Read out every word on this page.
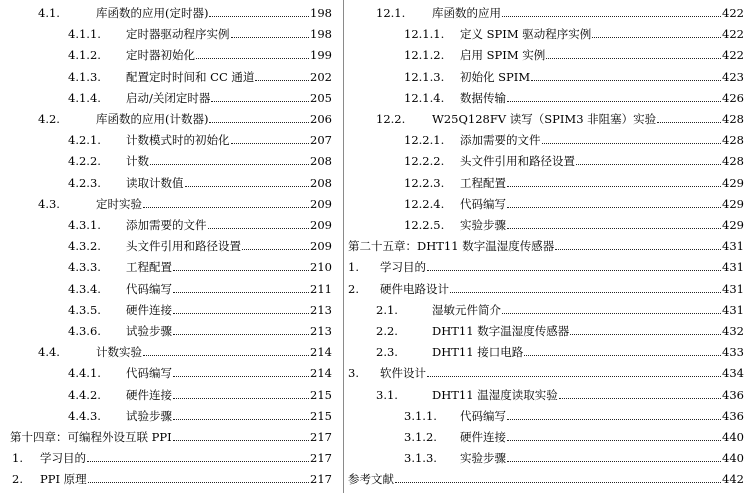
4.1.	库函数的应用(定时器)	198
4.1.1.	定时器驱动程序实例	198
4.1.2.	定时器初始化	199
4.1.3.	配置定时时间和 CC 通道	202
4.1.4.	启动/关闭定时器	205
4.2.	库函数的应用(计数器)	206
4.2.1.	计数模式时的初始化	207
4.2.2.	计数	208
4.2.3.	读取计数值	208
4.3.	定时实验	209
4.3.1.	添加需要的文件	209
4.3.2.	头文件引用和路径设置	209
4.3.3.	工程配置	210
4.3.4.	代码编写	211
4.3.5.	硬件连接	213
4.3.6.	试验步骤	213
4.4.	计数实验	214
4.4.1.	代码编写	214
4.4.2.	硬件连接	215
4.4.3.	试验步骤	215
第十四章：可编程外设互联 PPI	217
1.	学习目的	217
2.	PPI 原理	217
12.1.	库函数的应用	422
12.1.1.	定义 SPIM 驱动程序实例	422
12.1.2.	启用 SPIM 实例	422
12.1.3.	初始化 SPIM	423
12.1.4.	数据传输	426
12.2.	W25Q128FV 读写（SPIM3 非阻塞）实验	428
12.2.1.	添加需要的文件	428
12.2.2.	头文件引用和路径设置	428
12.2.3.	工程配置	429
12.2.4.	代码编写	429
12.2.5.	实验步骤	429
第二十五章：DHT11 数字温湿度传感器	431
1.	学习目的	431
2.	硬件电路设计	431
2.1.	湿敏元件简介	431
2.2.	DHT11 数字温湿度传感器	432
2.3.	DHT11 接口电路	433
3.	软件设计	434
3.1.	DHT11 温湿度读取实验	436
3.1.1.	代码编写	436
3.1.2.	硬件连接	440
3.1.3.	实验步骤	440
参考文献	442
